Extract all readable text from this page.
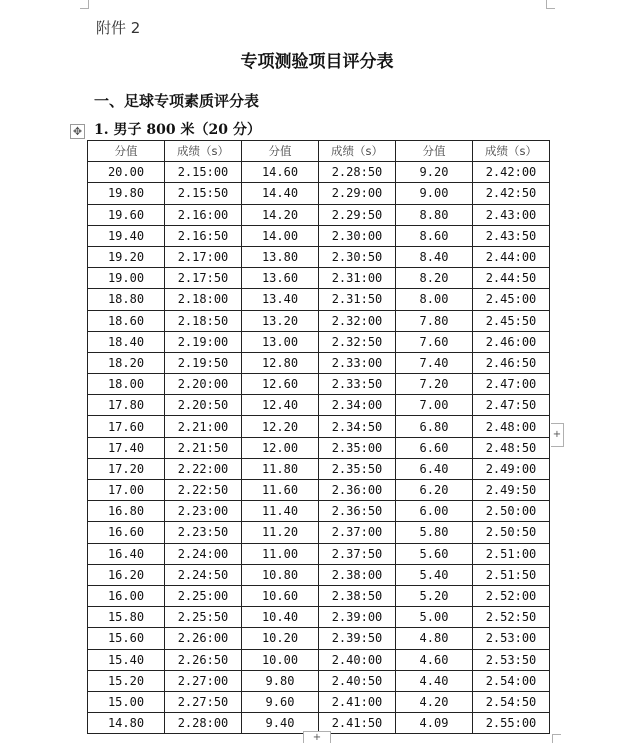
附件 2
专项测验项目评分表
一、足球专项素质评分表
1. 男子 800 米（20 分）
✥
分值	成绩（s）	分值	成绩（s）	分值	成绩（s）
20.00	2.15:00	14.60	2.28:50	9.20	2.42:00
19.80	2.15:50	14.40	2.29:00	9.00	2.42:50
19.60	2.16:00	14.20	2.29:50	8.80	2.43:00
19.40	2.16:50	14.00	2.30:00	8.60	2.43:50
19.20	2.17:00	13.80	2.30:50	8.40	2.44:00
19.00	2.17:50	13.60	2.31:00	8.20	2.44:50
18.80	2.18:00	13.40	2.31:50	8.00	2.45:00
18.60	2.18:50	13.20	2.32:00	7.80	2.45:50
18.40	2.19:00	13.00	2.32:50	7.60	2.46:00
18.20	2.19:50	12.80	2.33:00	7.40	2.46:50
18.00	2.20:00	12.60	2.33:50	7.20	2.47:00
17.80	2.20:50	12.40	2.34:00	7.00	2.47:50
17.60	2.21:00	12.20	2.34:50	6.80	2.48:00
17.40	2.21:50	12.00	2.35:00	6.60	2.48:50
17.20	2.22:00	11.80	2.35:50	6.40	2.49:00
17.00	2.22:50	11.60	2.36:00	6.20	2.49:50
16.80	2.23:00	11.40	2.36:50	6.00	2.50:00
16.60	2.23:50	11.20	2.37:00	5.80	2.50:50
16.40	2.24:00	11.00	2.37:50	5.60	2.51:00
16.20	2.24:50	10.80	2.38:00	5.40	2.51:50
16.00	2.25:00	10.60	2.38:50	5.20	2.52:00
15.80	2.25:50	10.40	2.39:00	5.00	2.52:50
15.60	2.26:00	10.20	2.39:50	4.80	2.53:00
15.40	2.26:50	10.00	2.40:00	4.60	2.53:50
15.20	2.27:00	9.80	2.40:50	4.40	2.54:00
15.00	2.27:50	9.60	2.41:00	4.20	2.54:50
14.80	2.28:00	9.40	2.41:50	4.09	2.55:00
+
+
